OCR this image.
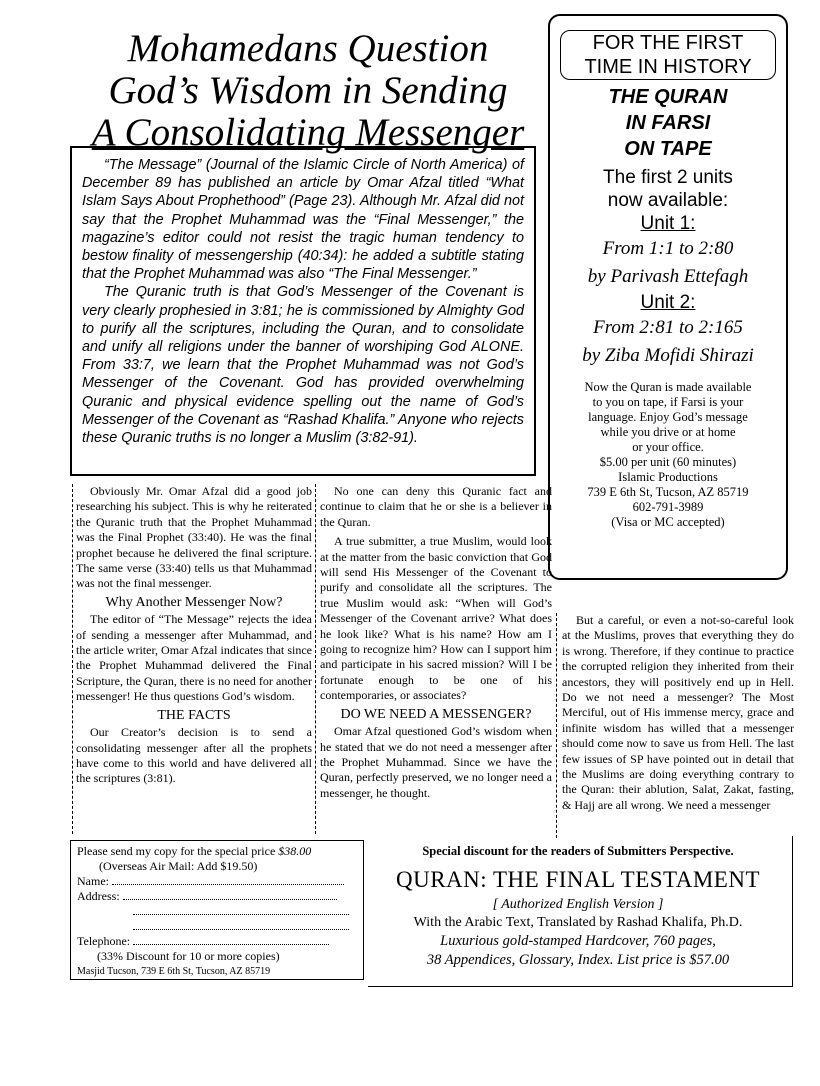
Mohamedans Question
God’s Wisdom in Sending
A Consolidating Messenger

“The Message” (Journal of the Islamic Circle of North America) of December 89 has published an article by Omar Afzal titled “What Islam Says About Prophethood” (Page 23). Although Mr. Afzal did not say that the Prophet Muhammad was the “Final Messenger,” the magazine’s editor could not resist the tragic human tendency to bestow finality of messengership (40:34): he added a subtitle stating that the Prophet Muhammad was also “The Final Messenger.”

The Quranic truth is that God’s Messenger of the Covenant is very clearly prophesied in 3:81; he is commissioned by Almighty God to purify all the scriptures, including the Quran, and to consolidate and unify all religions under the banner of worshiping God ALONE. From 33:7, we learn that the Prophet Muhammad was not God’s Messenger of the Covenant. God has provided overwhelming Quranic and physical evidence spelling out the name of God’s Messenger of the Covenant as “Rashad Khalifa.” Anyone who rejects these Quranic truths is no longer a Muslim (3:82-91).

Obviously Mr. Omar Afzal did a good job researching his subject. This is why he reiterated the Quranic truth that the Prophet Muhammad was the Final Prophet (33:40). He was the final prophet because he delivered the final scripture. The same verse (33:40) tells us that Muhammad was not the final messenger.

Why Another Messenger Now?

The editor of “The Message” rejects the idea of sending a messenger after Muhammad, and the article writer, Omar Afzal indicates that since the Prophet Muhammad delivered the Final Scripture, the Quran, there is no need for another messenger! He thus questions God’s wisdom.

THE FACTS

Our Creator’s decision is to send a consolidating messenger after all the prophets have come to this world and have delivered all the scriptures (3:81).

No one can deny this Quranic fact and continue to claim that he or she is a believer in the Quran.

A true submitter, a true Muslim, would look at the matter from the basic conviction that God will send His Messenger of the Covenant to purify and consolidate all the scriptures. The true Muslim would ask: “When will God’s Messenger of the Covenant arrive? What does he look like? What is his name? How am I going to recognize him? How can I support him and participate in his sacred mission? Will I be fortunate enough to be one of his contemporaries, or associates?

DO WE NEED A MESSENGER?

Omar Afzal questioned God’s wisdom when he stated that we do not need a messenger after the Prophet Muhammad. Since we have the Quran, perfectly preserved, we no longer need a messenger, he thought.

But a careful, or even a not-so-careful look at the Muslims, proves that everything they do is wrong. Therefore, if they continue to practice the corrupted religion they inherited from their ancestors, they will positively end up in Hell. Do we not need a messenger? The Most Merciful, out of His immense mercy, grace and infinite wisdom has willed that a messenger should come now to save us from Hell. The last few issues of SP have pointed out in detail that the Muslims are doing everything contrary to the Quran: their ablution, Salat, Zakat, fasting, & Hajj are all wrong. We need a messenger

FOR THE FIRST
TIME IN HISTORY
THE QURAN
IN FARSI
ON TAPE
The first 2 units
now available:
Unit 1:
From 1:1 to 2:80
by Parivash Ettefagh
Unit 2:
From 2:81 to 2:165
by Ziba Mofidi Shirazi
Now the Quran is made available
to you on tape, if Farsi is your
language. Enjoy God’s message
while you drive or at home
or your office.
$5.00 per unit (60 minutes)
Islamic Productions
739 E 6th St, Tucson, AZ 85719
602-791-3989
(Visa or MC accepted)
Please send my copy for the special price $38.00
(Overseas Air Mail: Add $19.50)
Name:
Address:
Telephone:
(33% Discount for 10 or more copies)
Masjid Tucson, 739 E 6th St, Tucson, AZ 85719
Special discount for the readers of Submitters Perspective.
QURAN: THE FINAL TESTAMENT
[ Authorized English Version ]
With the Arabic Text, Translated by Rashad Khalifa, Ph.D.
Luxurious gold-stamped Hardcover, 760 pages,
38 Appendices, Glossary, Index. List price is $57.00
